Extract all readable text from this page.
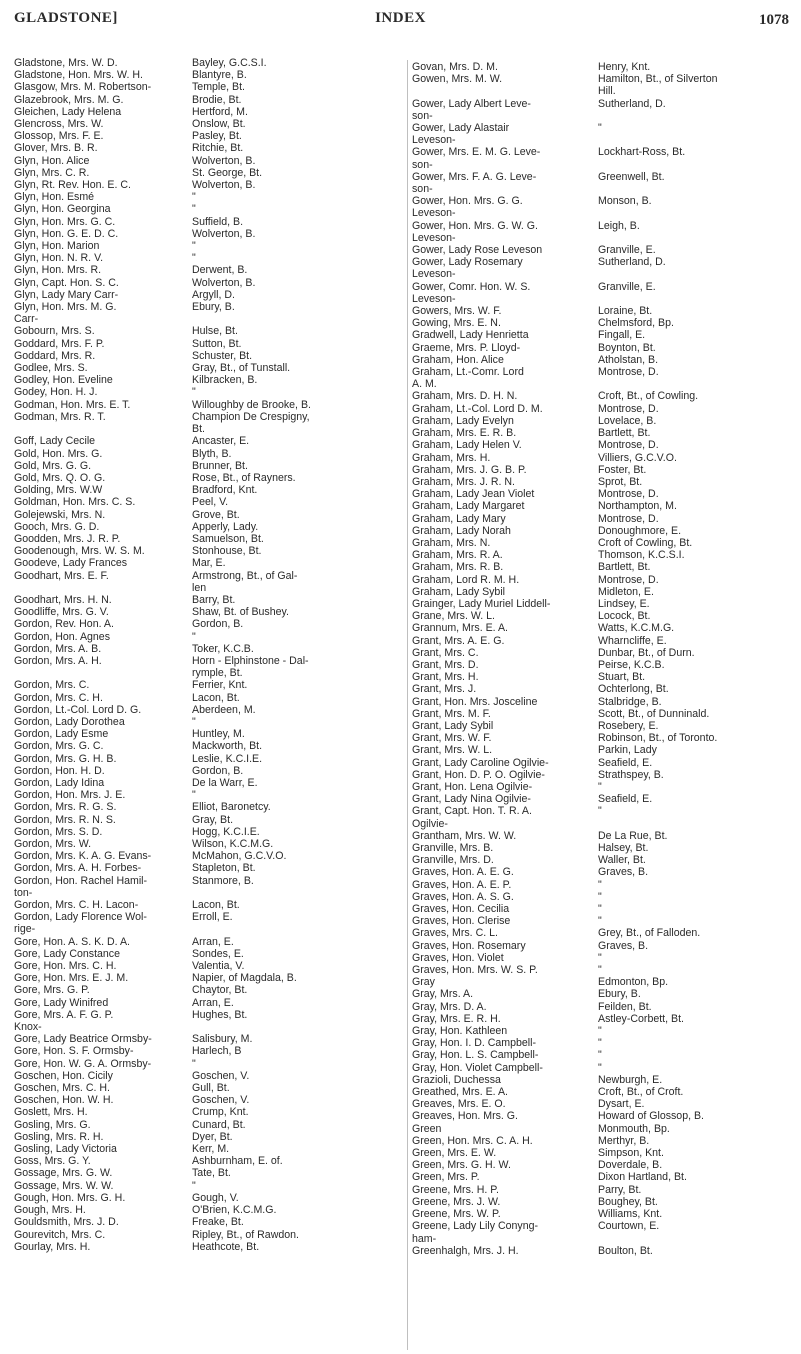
INDEX
GLADSTONE]	1078
Gladstone, Mrs. W. D.	Bayley, G.C.S.I.
Gladstone, Hon. Mrs. W. H.	Blantyre, B.
Glasgow, Mrs. M. Robertson-	Temple, Bt.
Glazebrook, Mrs. M. G.	Brodie, Bt.
Gleichen, Lady Helena	Hertford, M.
Glencross, Mrs. W.	Onslow, Bt.
Glossop, Mrs. F. E.	Pasley, Bt.
Glover, Mrs. B. R.	Ritchie, Bt.
Glyn, Hon. Alice	Wolverton, B.
Glyn, Mrs. C. R.	St. George, Bt.
Glyn, Rt. Rev. Hon. E. C.	Wolverton, B.
Glyn, Hon. Esmé	"
Glyn, Hon. Georgina	"
Glyn, Hon. Mrs. G. C.	Suffield, B.
Glyn, Hon. G. E. D. C.	Wolverton, B.
Glyn, Hon. Marion	"
Glyn, Hon. N. R. V.	"
Glyn, Hon. Mrs. R.	Derwent, B.
Glyn, Capt. Hon. S. C.	Wolverton, B.
Glyn, Lady Mary Carr-	Argyll, D.
Glyn, Hon. Mrs. M. G.	Ebury, B.
Carr-
Gobourn, Mrs. S.	Hulse, Bt.
Goddard, Mrs. F. P.	Sutton, Bt.
Goddard, Mrs. R.	Schuster, Bt.
Godlee, Mrs. S.	Gray, Bt., of Tunstall.
Godley, Hon. Eveline	Kilbracken, B.
Godey, Hon. H. J.	"
Godman, Hon. Mrs. E. T.	Willoughby de Brooke, B.
Godman, Mrs. R. T.	Champion De Crespigny,
Bt.
Goff, Lady Cecile	Ancaster, E.
Gold, Hon. Mrs. G.	Blyth, B.
Gold, Mrs. G. G.	Brunner, Bt.
Gold, Mrs. Q. O. G.	Rose, Bt., of Rayners.
Golding, Mrs. W.W	Bradford, Knt.
Goldman, Hon. Mrs. C. S.	Peel, V.
Golejewski, Mrs. N.	Grove, Bt.
Gooch, Mrs. G. D.	Apperly, Lady.
Goodden, Mrs. J. R. P.	Samuelson, Bt.
Goodenough, Mrs. W. S. M.	Stonhouse, Bt.
Goodeve, Lady Frances	Mar, E.
Goodhart, Mrs. E. F.	Armstrong, Bt., of Gal-
len
Goodhart, Mrs. H. N.	Barry, Bt.
Goodliffe, Mrs. G. V.	Shaw, Bt. of Bushey.
Gordon, Rev. Hon. A.	Gordon, B.
Gordon, Hon. Agnes	"
Gordon, Mrs. A. B.	Toker, K.C.B.
Gordon, Mrs. A. H.	Horn - Elphinstone - Dal-
rymple, Bt.
Gordon, Mrs. C.	Ferrier, Knt.
Gordon, Mrs. C. H.	Lacon, Bt.
Gordon, Lt.-Col. Lord D. G.	Aberdeen, M.
Gordon, Lady Dorothea	"
Gordon, Lady Esme	Huntley, M.
Gordon, Mrs. G. C.	Mackworth, Bt.
Gordon, Mrs. G. H. B.	Leslie, K.C.I.E.
Gordon, Hon. H. D.	Gordon, B.
Gordon, Lady Idina	De la Warr, E.
Gordon, Hon. Mrs. J. E.	"
Gordon, Mrs. R. G. S.	Elliot, Baronetcy.
Gordon, Mrs. R. N. S.	Gray, Bt.
Gordon, Mrs. S. D.	Hogg, K.C.I.E.
Gordon, Mrs. W.	Wilson, K.C.M.G.
Gordon, Mrs. K. A. G. Evans-	McMahon, G.C.V.O.
Gordon, Mrs. A. H. Forbes-	Stapleton, Bt.
Gordon, Hon. Rachel Hamil-	Stanmore, B.
ton-
Gordon, Mrs. C. H. Lacon-	Lacon, Bt.
Gordon, Lady Florence Wol-	Erroll, E.
rige-
Gore, Hon. A. S. K. D. A.	Arran, E.
Gore, Lady Constance	Sondes, E.
Gore, Hon. Mrs. C. H.	Valentia, V.
Gore, Hon. Mrs. E. J. M.	Napier, of Magdala, B.
Gore, Mrs. G. P.	Chaytor, Bt.
Gore, Lady Winifred	Arran, E.
Gore, Mrs. A. F. G. P.	Hughes, Bt.
Knox-
Gore, Lady Beatrice Ormsby-	Salisbury, M.
Gore, Hon. S. F. Ormsby-	Harlech, B
Gore, Hon. W. G. A. Ormsby-	"
Goschen, Hon. Cicily	Goschen, V.
Goschen, Mrs. C. H.	Gull, Bt.
Goschen, Hon. W. H.	Goschen, V.
Goslett, Mrs. H.	Crump, Knt.
Gosling, Mrs. G.	Cunard, Bt.
Gosling, Mrs. R. H.	Dyer, Bt.
Gosling, Lady Victoria	Kerr, M.
Goss, Mrs. G. Y.	Ashburnham, E. of.
Gossage, Mrs. G. W.	Tate, Bt.
Gossage, Mrs. W. W.	"
Gough, Hon. Mrs. G. H.	Gough, V.
Gough, Mrs. H.	O'Brien, K.C.M.G.
Gouldsmith, Mrs. J. D.	Freake, Bt.
Gourevitch, Mrs. C.	Ripley, Bt., of Rawdon.
Gourlay, Mrs. H.	Heathcote, Bt.
Govan, Mrs. D. M.	Henry, Knt.
Gowen, Mrs. M. W.	Hamilton, Bt., of Silverton
Hill.
Gower, Lady Albert Leve-	Sutherland, D.
son-
Gower, Lady Alastair	"
Leveson-
Gower, Mrs. E. M. G. Leve-	Lockhart-Ross, Bt.
son-
Gower, Mrs. F. A. G. Leve-	Greenwell, Bt.
son-
Gower, Hon. Mrs. G. G.	Monson, B.
Leveson-
Gower, Hon. Mrs. G. W. G.	Leigh, B.
Leveson-
Gower, Lady Rose Leveson	Granville, E.
Gower, Lady Rosemary	Sutherland, D.
Leveson-
Gower, Comr. Hon. W. S.	Granville, E.
Leveson-
Gowers, Mrs. W. F.	Loraine, Bt.
Gowing, Mrs. E. N.	Chelmsford, Bp.
Gradwell, Lady Henrietta	Fingall, E.
Graeme, Mrs. P. Lloyd-	Boynton, Bt.
Graham, Hon. Alice	Atholstan, B.
Graham, Lt.-Comr. Lord	Montrose, D.
A. M.
Graham, Mrs. D. H. N.	Croft, Bt., of Cowling.
Graham, Lt.-Col. Lord D. M.	Montrose, D.
Graham, Lady Evelyn	Lovelace, B.
Graham, Mrs. E. R. B.	Bartlett, Bt.
Graham, Lady Helen V.	Montrose, D.
Graham, Mrs. H.	Villiers, G.C.V.O.
Graham, Mrs. J. G. B. P.	Foster, Bt.
Graham, Mrs. J. R. N.	Sprot, Bt.
Graham, Lady Jean Violet	Montrose, D.
Graham, Lady Margaret	Northampton, M.
Graham, Lady Mary	Montrose, D.
Graham, Lady Norah	Donoughmore, E.
Graham, Mrs. N.	Croft of Cowling, Bt.
Graham, Mrs. R. A.	Thomson, K.C.S.I.
Graham, Mrs. R. B.	Bartlett, Bt.
Graham, Lord R. M. H.	Montrose, D.
Graham, Lady Sybil	Midleton, E.
Grainger, Lady Muriel Liddell-	Lindsey, E.
Grane, Mrs. W. L.	Locock, Bt.
Grannum, Mrs. E. A.	Watts, K.C.M.G.
Grant, Mrs. A. E. G.	Wharncliffe, E.
Grant, Mrs. C.	Dunbar, Bt., of Durn.
Grant, Mrs. D.	Peirse, K.C.B.
Grant, Mrs. H.	Stuart, Bt.
Grant, Mrs. J.	Ochterlong, Bt.
Grant, Hon. Mrs. Josceline	Stalbridge, B.
Grant, Mrs. M. F.	Scott, Bt., of Dunninald.
Grant, Lady Sybil	Rosebery, E.
Grant, Mrs. W. F.	Robinson, Bt., of Toronto.
Grant, Mrs. W. L.	Parkin, Lady
Grant, Lady Caroline Ogilvie-	Seafield, E.
Grant, Hon. D. P. O. Ogilvie-	Strathspey, B.
Grant, Hon. Lena Ogilvie-	"
Grant, Lady Nina Ogilvie-	Seafield, E.
Grant, Capt. Hon. T. R. A.	"
Ogilvie-
Grantham, Mrs. W. W.	De La Rue, Bt.
Granville, Mrs. B.	Halsey, Bt.
Granville, Mrs. D.	Waller, Bt.
Graves, Hon. A. E. G.	Graves, B.
Graves, Hon. A. E. P.	"
Graves, Hon. A. S. G.	"
Graves, Hon. Cecilia	"
Graves, Hon. Clerise	"
Graves, Mrs. C. L.	Grey, Bt., of Falloden.
Graves, Hon. Rosemary	Graves, B.
Graves, Hon. Violet	"
Graves, Hon. Mrs. W. S. P.	"
Gray	Edmonton, Bp.
Gray, Mrs. A.	Ebury, B.
Gray, Mrs. D. A.	Feilden, Bt.
Gray, Mrs. E. R. H.	Astley-Corbett, Bt.
Gray, Hon. Kathleen	"
Gray, Hon. I. D. Campbell-	"
Gray, Hon. L. S. Campbell-	"
Gray, Hon. Violet Campbell-	"
Grazioli, Duchessa	Newburgh, E.
Greathed, Mrs. E. A.	Croft, Bt., of Croft.
Greaves, Mrs. E. O.	Dysart, E.
Greaves, Hon. Mrs. G.	Howard of Glossop, B.
Green	Monmouth, Bp.
Green, Hon. Mrs. C. A. H.	Merthyr, B.
Green, Mrs. E. W.	Simpson, Knt.
Green, Mrs. G. H. W.	Doverdale, B.
Green, Mrs. P.	Dixon Hartland, Bt.
Greene, Mrs. H. P.	Parry, Bt.
Greene, Mrs. J. W.	Boughey, Bt.
Greene, Mrs. W. P.	Williams, Knt.
Greene, Lady Lily Conyng-	Courtown, E.
ham-
Greenhalgh, Mrs. J. H.	Boulton, Bt.
